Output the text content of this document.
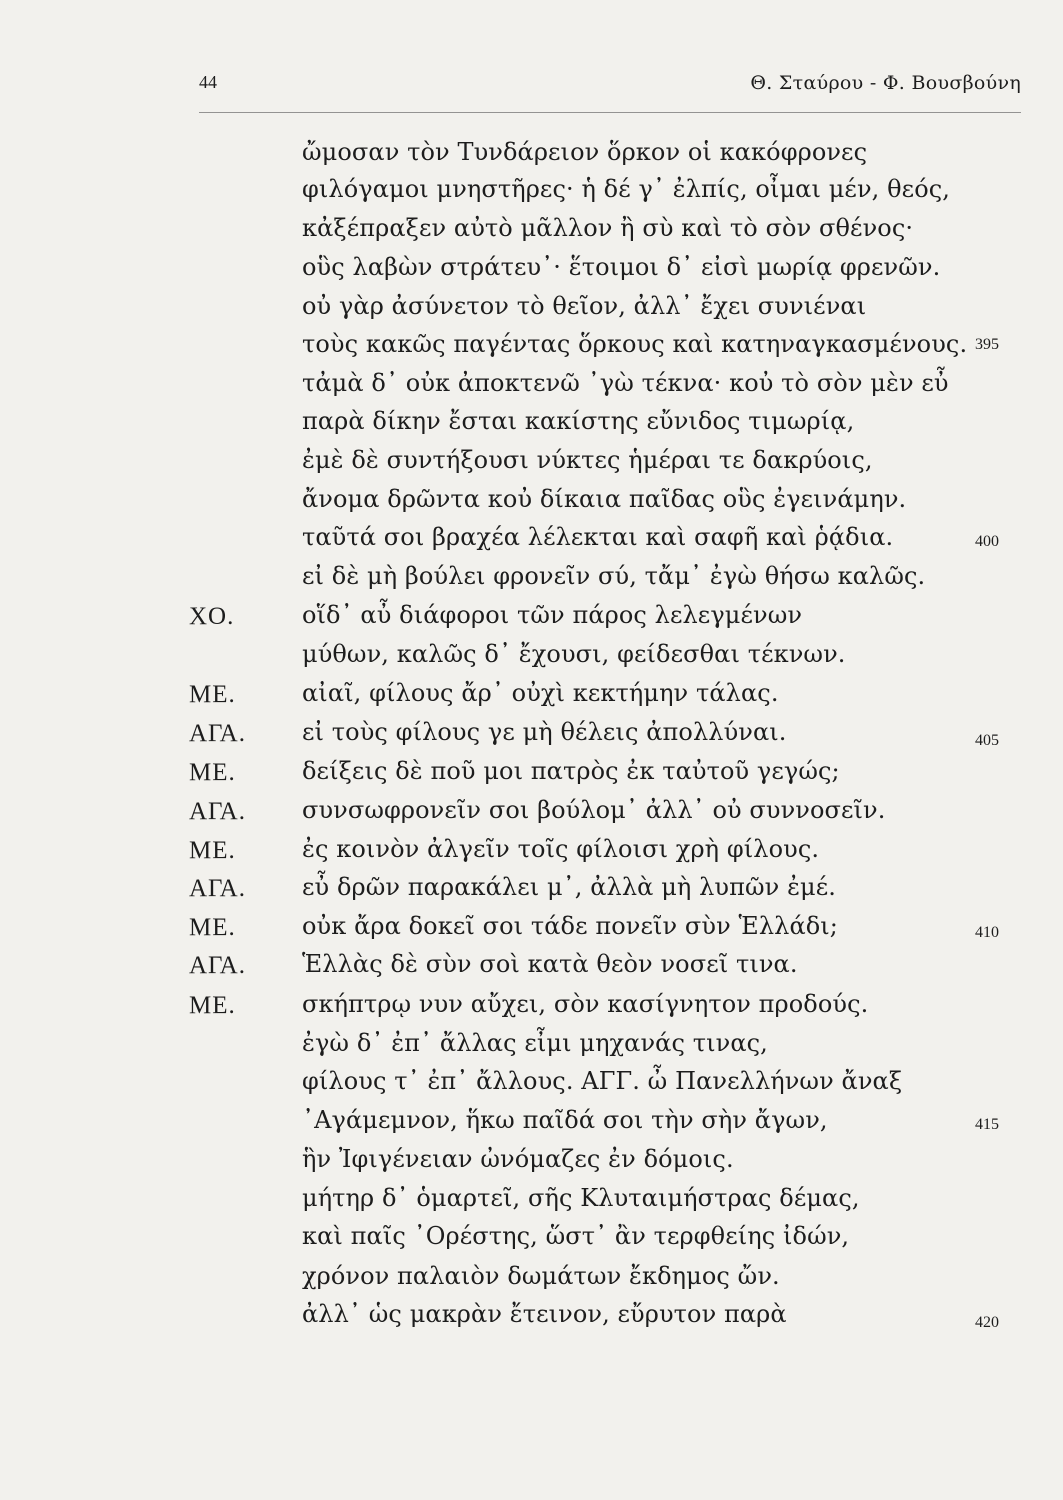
44	Θ. Σταύρου - Φ. Βουσβούνη
ὤμοσαν τὸν Τυνδάρειον ὅρκον οἱ κακόφρονες
φιλόγαμοι μνηστῆρες· ἡ δέ γ᾽ ἐλπίς, οἶμαι μέν, θεός,
κἀξέπραξεν αὐτὸ μᾶλλον ἢ σὺ καὶ τὸ σὸν σθένος·
οὓς λαβὼν στράτευ᾽· ἕτοιμοι δ᾽ εἰσὶ μωρίᾳ φρενῶν.
οὐ γὰρ ἀσύνετον τὸ θεῖον, ἀλλ᾽ ἔχει συνιέναι
τοὺς κακῶς παγέντας ὅρκους καὶ κατηναγκασμένους. 395
τἀμὰ δ᾽ οὐκ ἀποκτενῶ ᾽γὼ τέκνα· κοὐ τὸ σὸν μὲν εὖ
παρὰ δίκην ἔσται κακίστης εὔνιδος τιμωρίᾳ,
ἐμὲ δὲ συντήξουσι νύκτες ἡμέραι τε δακρύοις,
ἄνομα δρῶντα κοὐ δίκαια παῖδας οὓς ἐγεινάμην.
ταῦτά σοι βραχέα λέλεκται καὶ σαφῆ καὶ ῥᾴδια.	400
εἰ δὲ μὴ βούλει φρονεῖν σύ, τἄμ᾽ ἐγὼ θήσω καλῶς.
ΧΟ.	οἵδ᾽ αὖ διάφοροι τῶν πάρος λελεγμένων
μύθων, καλῶς δ᾽ ἔχουσι, φείδεσθαι τέκνων.
ΜΕ.	αἰαῖ, φίλους ἄρ᾽ οὐχὶ κεκτήμην τάλας.
ΑΓΑ. εἰ τοὺς φίλους γε μὴ θέλεις ἀπολλύναι.	405
ΜΕ.	δείξεις δὲ ποῦ μοι πατρὸς ἐκ ταὐτοῦ γεγώς;
ΑΓΑ. συνσωφρονεῖν σοι βούλομ᾽ ἀλλ᾽ οὐ συννοσεῖν.
ΜΕ.	ἐς κοινὸν ἀλγεῖν τοῖς φίλοισι χρὴ φίλους.
ΑΓΑ. εὖ δρῶν παρακάλει μ᾽, ἀλλὰ μὴ λυπῶν ἐμέ.
ΜΕ.	οὐκ ἄρα δοκεῖ σοι τάδε πονεῖν σὺν Ἑλλάδι;	410
ΑΓΑ. Ἑλλὰς δὲ σὺν σοὶ κατὰ θεὸν νοσεῖ τινα.
ΜΕ.	σκήπτρῳ νυν αὔχει, σὸν κασίγνητον προδούς.
ἐγὼ δ᾽ ἐπ᾽ ἄλλας εἶμι μηχανάς τινας,
φίλους τ᾽ ἐπ᾽ ἄλλους. ΑΓΓ. ὦ Πανελλήνων ἄναξ
᾽Αγάμεμνον, ἥκω παῖδά σοι τὴν σὴν ἄγων,	415
ἣν Ἰφιγένειαν ὠνόμαζες ἐν δόμοις.
μήτηρ δ᾽ ὁμαρτεῖ, σῆς Κλυταιμήστρας δέμας,
καὶ παῖς ᾽Ορέστης, ὥστ᾽ ἂν τερφθείης ἰδών,
χρόνον παλαιὸν δωμάτων ἔκδημος ὤν.
ἀλλ᾽ ὡς μακρὰν ἔτεινον, εὔρυτον παρὰ	420
